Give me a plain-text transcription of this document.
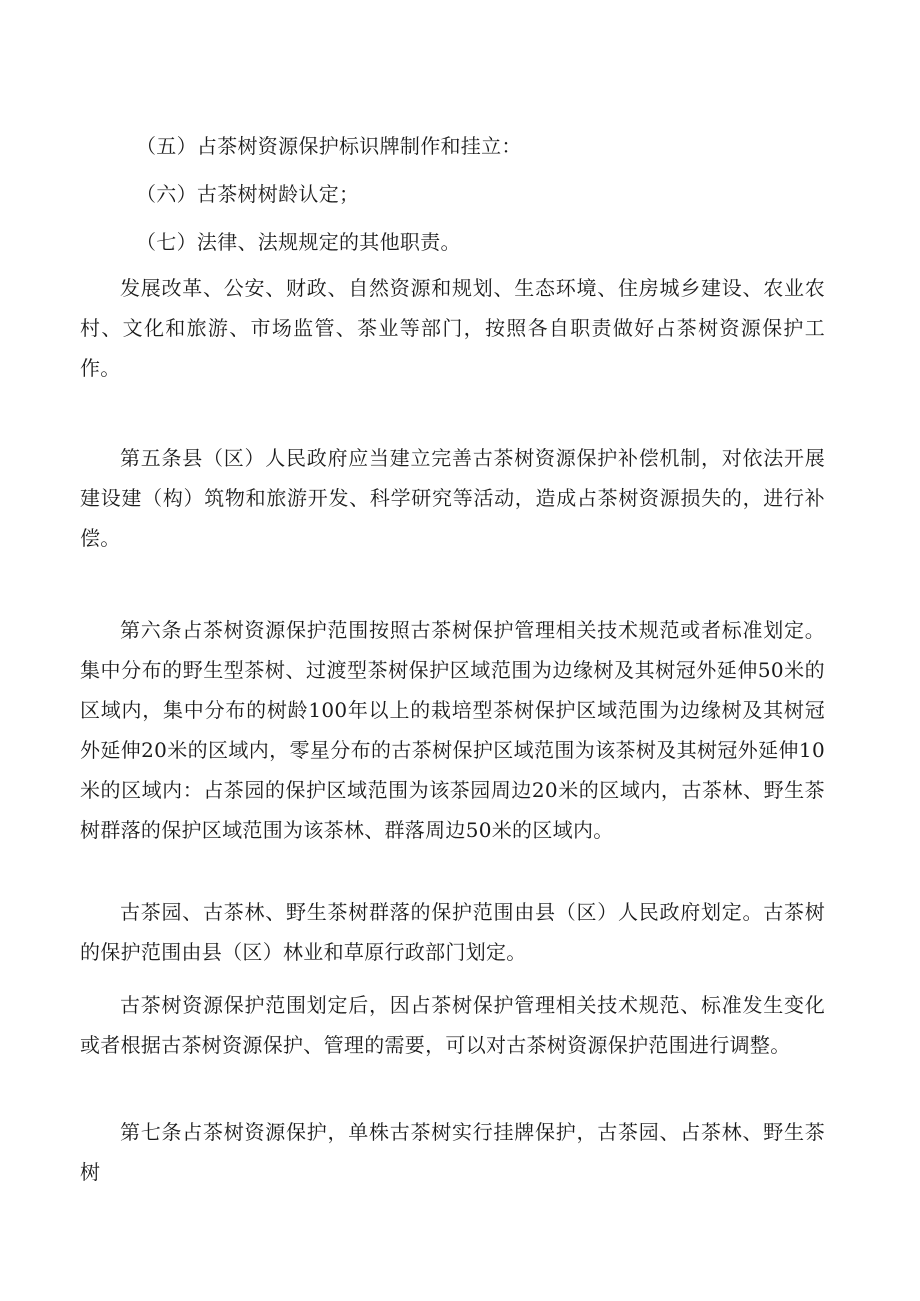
（五）占茶树资源保护标识牌制作和挂立：

（六）古茶树树龄认定；

（七）法律、法规规定的其他职责。

发展改革、公安、财政、自然资源和规划、生态环境、住房城乡建设、农业农村、文化和旅游、市场监管、茶业等部门，按照各自职责做好占茶树资源保护工作。

第五条县（区）人民政府应当建立完善古茶树资源保护补偿机制，对依法开展建设建（构）筑物和旅游开发、科学研究等活动，造成占茶树资源损失的，进行补偿。

第六条占茶树资源保护范围按照古茶树保护管理相关技术规范或者标准划定。集中分布的野生型茶树、过渡型茶树保护区域范围为边缘树及其树冠外延伸50米的区域内，集中分布的树龄100年以上的栽培型茶树保护区域范围为边缘树及其树冠外延伸20米的区域内，零星分布的古茶树保护区域范围为该茶树及其树冠外延伸10米的区域内：占茶园的保护区域范围为该茶园周边20米的区域内，古茶林、野生茶树群落的保护区域范围为该茶林、群落周边50米的区域内。

古茶园、古茶林、野生茶树群落的保护范围由县（区）人民政府划定。古茶树的保护范围由县（区）林业和草原行政部门划定。

古茶树资源保护范围划定后，因占茶树保护管理相关技术规范、标准发生变化或者根据古茶树资源保护、管理的需要，可以对古茶树资源保护范围进行调整。

第七条占茶树资源保护，单株古茶树实行挂牌保护，古茶园、占茶林、野生茶树
